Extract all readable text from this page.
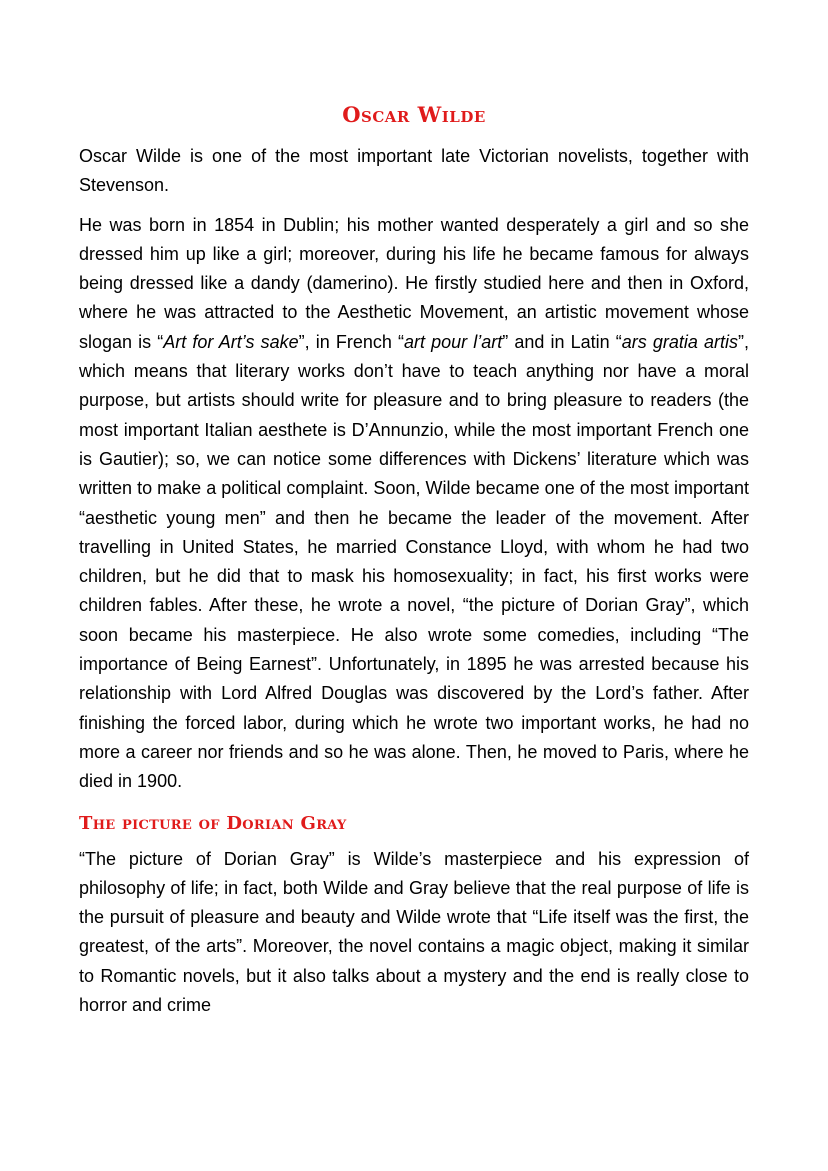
Oscar Wilde

Oscar Wilde is one of the most important late Victorian novelists, together with Stevenson.

He was born in 1854 in Dublin; his mother wanted desperately a girl and so she dressed him up like a girl; moreover, during his life he became famous for always being dressed like a dandy (damerino). He firstly studied here and then in Oxford, where he was attracted to the Aesthetic Movement, an artistic movement whose slogan is “Art for Art’s sake”, in French “art pour l’art” and in Latin “ars gratia artis”, which means that literary works don’t have to teach anything nor have a moral purpose, but artists should write for pleasure and to bring pleasure to readers (the most important Italian aesthete is D’Annunzio, while the most important French one is Gautier); so, we can notice some differences with Dickens’ literature which was written to make a political complaint. Soon, Wilde became one of the most important “aesthetic young men” and then he became the leader of the movement. After travelling in United States, he married Constance Lloyd, with whom he had two children, but he did that to mask his homosexuality; in fact, his first works were children fables. After these, he wrote a novel, “the picture of Dorian Gray”, which soon became his masterpiece. He also wrote some comedies, including “The importance of Being Earnest”. Unfortunately, in 1895 he was arrested because his relationship with Lord Alfred Douglas was discovered by the Lord’s father. After finishing the forced labor, during which he wrote two important works, he had no more a career nor friends and so he was alone. Then, he moved to Paris, where he died in 1900.

The picture of Dorian Gray

“The picture of Dorian Gray” is Wilde’s masterpiece and his expression of philosophy of life; in fact, both Wilde and Gray believe that the real purpose of life is the pursuit of pleasure and beauty and Wilde wrote that “Life itself was the first, the greatest, of the arts”. Moreover, the novel contains a magic object, making it similar to Romantic novels, but it also talks about a mystery and the end is really close to horror and crime
